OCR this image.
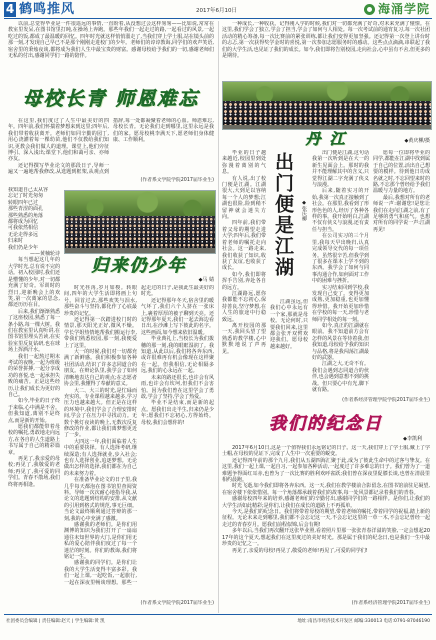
4 鹤鸣推风	2017年6月10日	海涌学院

以前,总觉得毕业是一件很遥远的事情,一直盼着,从没想过会这样匆匆——比如说,常常在教室里发呆,在图书馆里打盹,在操场上奔跑。那些年我们一起走过的路,一起看过的风景,一起吃过的饭,都成了最温暖的回忆。四年时光就这样悄悄溜走了,当我们穿上学士服,站在镜头前的那一刻,才发现自己早已不是那个刚刚走进校门的少年。老师们的谆谆教诲,同学们的欢声笑语,宿舍里的秉烛夜谈,都将成为我们人生中最宝贵的财富。感谢母校给予我们的一切,感谢老师们无私的付出,感谢同学们一路的陪伴。

一种成长,一种收获。记得刚入学的时候,我们对一切都充满了好奇,对未来充满了憧憬。在这里,我们学会了独立,学会了担当,学会了如何与人相处。每一次考试前的通宵复习,每一次社团活动的精心筹备,每一次比赛前的紧张训练,都让我们变得更加坚强。还记得第一次登上讲台时的忐忑,第一次获得奖学金时的喜悦,第一次参加志愿服务时的感动。这些点点滴滴,串联起了我们的大学生活,也见证了我们的成长。如今,我们即将告别校园,走向社会,心中虽有不舍,但更多的是期待。

母校长青 师恩难忘

在这里,我们度过了人生中最美好的四年。四年前,我们怀揣着梦想来到这里;四年后,我们带着收获离开。老师们如同辛勤的园丁,用心浇灌着每一棵幼苗,他们不仅教给我们知识,更教会我们做人的道理。课堂上,他们旁征博引、深入浅出;课堂下,他们和蔼可亲、亦师亦友。

还记得撰写毕业论文的那段日子,导师一遍又一遍地帮我修改,从选题到框架,从观点到措辞,每一处都凝聚着老师的心血。师恩难忘,母校长青。无论我们走到哪里,这里永远是我们的家。愿母校桃李满天下,愿老师们身体健康、工作顺利。

(作者系文学院学院2017届毕业生)

我知道自己太从容

忘记了时光匆匆

转眼四年已过

那些青涩的面孔

那些熟悉的角落

都将成为回忆

可我依然相信

无论走得多远

归来时

我们仍是少年

——黄楠轮诗

每当想起这几年的大学时光,总有说不完的话。初入校园时,我们还是懵懂的少年,对一切都充满了好奇。军训时的烈日,迎新晚会上的欢笑,第一次离家的思念,都还历历在目。

后来,我们渐渐熟悉了这座校园,熟悉了每一条小路,每一棵大树。我们在教室里认真听讲,在图书馆里埋头苦读,在实验室里反复钻研,也在球场上挥洒汗水。

我们一起熬过期末考试的夜晚,一起为班级的荣誉拼搏,一起分享成功的喜悦,也一起承担失败的痛苦。正是这些经历,让我们成长为更好的自己。

如今,毕业的日子终于来临,心中满是不舍。但我知道,离别不是终点,而是新的开始。

愿我们都能带着母校的嘱托,勇敢地走向远方,在各自的人生道路上书写属于自己的精彩篇章。

再见了,我亲爱的母校;再见了,我敬爱的老师;再见了,我可爱的同学们。青春不散场,我们终将再相逢。

归来仍少年
◆马 婧

时光荏苒,岁月如梭。转眼间,四年的大学生活即将画上句号。回首过去,那些欢笑与泪水,那些奋斗与坚持,都化作了心底最珍贵的记忆。

还记得第一次踏进校门时的情景,那天阳光正好,微风不燥。学长学姐热情地帮我们搬运行李,带我们熟悉校园,那一刻,我便爱上了这里。

大一的时候,我们对一切都充满了新鲜感。我们积极参加各种社团活动,结识了许多志同道合的朋友。在辩论队里,我学会了如何清晰地表达自己的观点;在志愿者协会里,我懂得了奉献的意义。

大二、大三的时光,是忙碌而充实的。专业课程越来越多,学习压力也越来越大。但正是在这样的环境中,我们学会了合理安排时间,学会了在压力中寻找动力。无数个挑灯夜读的晚上,无数次反复修改的作业,都让我们离梦想更近了一步。

大四这一年,我们面临着人生中的重要抉择。有人选择考研,继续深造;有人选择就业,步入社会;也有人选择创业,追逐梦想。无论做出怎样的选择,我们都在为自己的未来努力着。

在准备毕业论文的日子里,我几乎每天都泡在图书馆里查阅资料。导师一次次耐心地指导我,从论文的选题到结构的安排,从文献的引用到格式的规范,事无巨细。当论文最终顺利通过答辩的那一刻,我的心中充满了感激。

感谢我的老师们。是你们用渊博的知识为我们打开了一扇扇通往未知世界的大门,是你们用无私的爱心陪伴我们度过了每一个迷茫的时刻。你们的教诲,我们将铭记一生。

感谢我的同学们。是你们让我的大学生活变得丰富多彩。我们一起上课,一起吃饭,一起旅行,一起在深夜里畅谈理想。那些一起走过的日子,是我此生最美好的时光。

还记得那年冬天,宿舍里的暖气坏了,我们六个人挤在一张床上,裹着厚厚的被子聊到天亮。还记得那年夏天,我们一起去海边看日出,在沙滩上写下彼此的名字。这些画面,如今想来依旧温暖。

毕业典礼上,当校长为我们拨穗的那一刻,我的眼眶湿润了。我知道,从此以后,我们将各奔东西,或许很难再有机会像现在这样聚在一起。但我相信,无论相隔多远,我们的心永远在一起。

未来的路还很长,也许会有风雨,也许会有坎坷,但我们不会害怕。因为我们曾在这里学会了勇敢,学会了坚持,学会了热爱。

毕业不是结束,而是新的起点。愿我们出走半生,归来仍是少年;愿我们不忘初心,方得始终。母校,我们会想你的!

(作者系文学院学院2017届毕业生)
丹 江	◆黄庆柳/摄

毕业的日子越来越近,校园里到处弥漫着离别的气息。

有人说,出了校门便是江湖。江湖很大,大到足以容纳每一个人的梦想;江湖也很险,险到稍不留神就会迷失方向。

四年前,我们带着父母的期望走进大学;四年后,我们带着老师的嘱托走向社会。这一路走来,我们收获了知识,收获了友谊,也收获了成长。

如今,我们即将挥手告别,奔赴各自的远方。

江湖路远,愿你我都能不忘初心,保持善良,坚守梦想,在人生的旅途中行稳致远。

离开校园的那一天,我回头望了望熟悉的教学楼,心中默默地说了声再见。

出门便是江湖	◆张庆柳

江湖虽远,但我们心中永远有一个家,那就是母校。无论何时,只要我们回来,这里都会张开双臂欢迎我们。愿母校越来越好。

出门便是江湖,这句话我第一次听到是在大一的新生见面会上。那时的我并不能理解其中的含义,只觉得江湖二字充满了侠义与浪漫。

后来,随着实习的开始,我第一次真正接触到了社会。在那里,我看到了形形色色的人,经历了各种各样的事。我开始明白,江湖不仅有侠义与浪漫,还有责任与担当。

在公司实习的三个月里,我每天早出晚归,认真完成领导交代的每一项任务。虽然很辛苦,但我学到了很多在课本上学不到的东西。我学会了如何与同事沟通合作,如何面对工作中的困难与挫折。

实习结束回到学校,我发现自己变了。变得更加成熟,更加稳重,也更加懂得珍惜。我开始更加珍惜在学校的每一天,珍惜与老师同学相处的每一刻。

如今,真正的江湖就在眼前。我不知道前方会有怎样的风景在等待着我,但我知道,母校给予我的知识与品格,将是我闯荡江湖最好的武器。

江湖之大,无奇不有。我们会遇到志同道合的伙伴,也会遇到意想不到的挑战。但只要心中有光,脚下就有路。

愿每一位即将毕业的同学,都能在江湖中找到属于自己的位置,活出自己想要的模样。待到他日功成名就之时,不忘回望来时的路,不忘那个曾经给予我们温暖与力量的地方。

最后,我想对所有的老师说一声:谢谢您!是您让我们在走向江湖之前,有了足够的勇气和底气。也想对所有的同学说一声:江湖再见!

(作者系经济管理学院学院2017届毕业生)
我们的纪念日
◆李凯利

2017年6月10日,这是一个值得我们永远铭记的日子。这一天,我们穿上了学士服,戴上了学士帽,在母校的见证下,完成了人生中一次重要的蜕变。

还记得四年前的那个九月,我们从五湖四海汇聚于此,成为了彼此生命中的过客与挚友。在这里,我们一起上课,一起自习,一起参加各种活动,一起度过了许多难忘的日子。我们曾为了一道难题争得面红耳赤,也曾为了一次比赛的胜利欢呼雀跃;我们曾在深夜里促膝长谈,也曾在清晨里相约晨跑。

时光飞逝,如今我们即将各奔东西。这一天,我们在教学楼前合影留念,在图书馆前驻足凝望,在宿舍楼下依依惜别。每一个角落都承载着我们的故事,每一处风景都记录着我们的青春。

感谢母校四年来的培养,感谢老师们的辛勤付出,感谢同学们的一路相伴。是你们,让我们的大学生活如此精彩;是你们,让我们在成长的道路上不再孤单。

今天,是我们的纪念日。我们将带着母校的期望,带着老师的嘱托,带着同学的祝福,踏上新的征程。无论未来走到哪里,我们都不会忘记这一天,不会忘记这里的一草一木,不会忘记曾经一起走过的青春岁月。愿我们前程似锦,后会有期!

多年以后,当我们再次翻开这张毕业照,看着照片里那一张张青春洋溢的笑脸,一定会想起2017年的这个夏天,想起我们在这里度过的美好时光。那是属于我们的纪念日,也是我们一生中最珍贵的记忆之一。

再见了,亲爱的母校!再见了,敬爱的老师!再见了,可爱的同学们!

(作者系经济管理学院2017届毕业生)
社团委员会编辑 | 责任编辑:赵天 | 学生编辑:黄 凯	地址:南昌市经济技术开发区 邮编:330013 电话:0791-87046190
